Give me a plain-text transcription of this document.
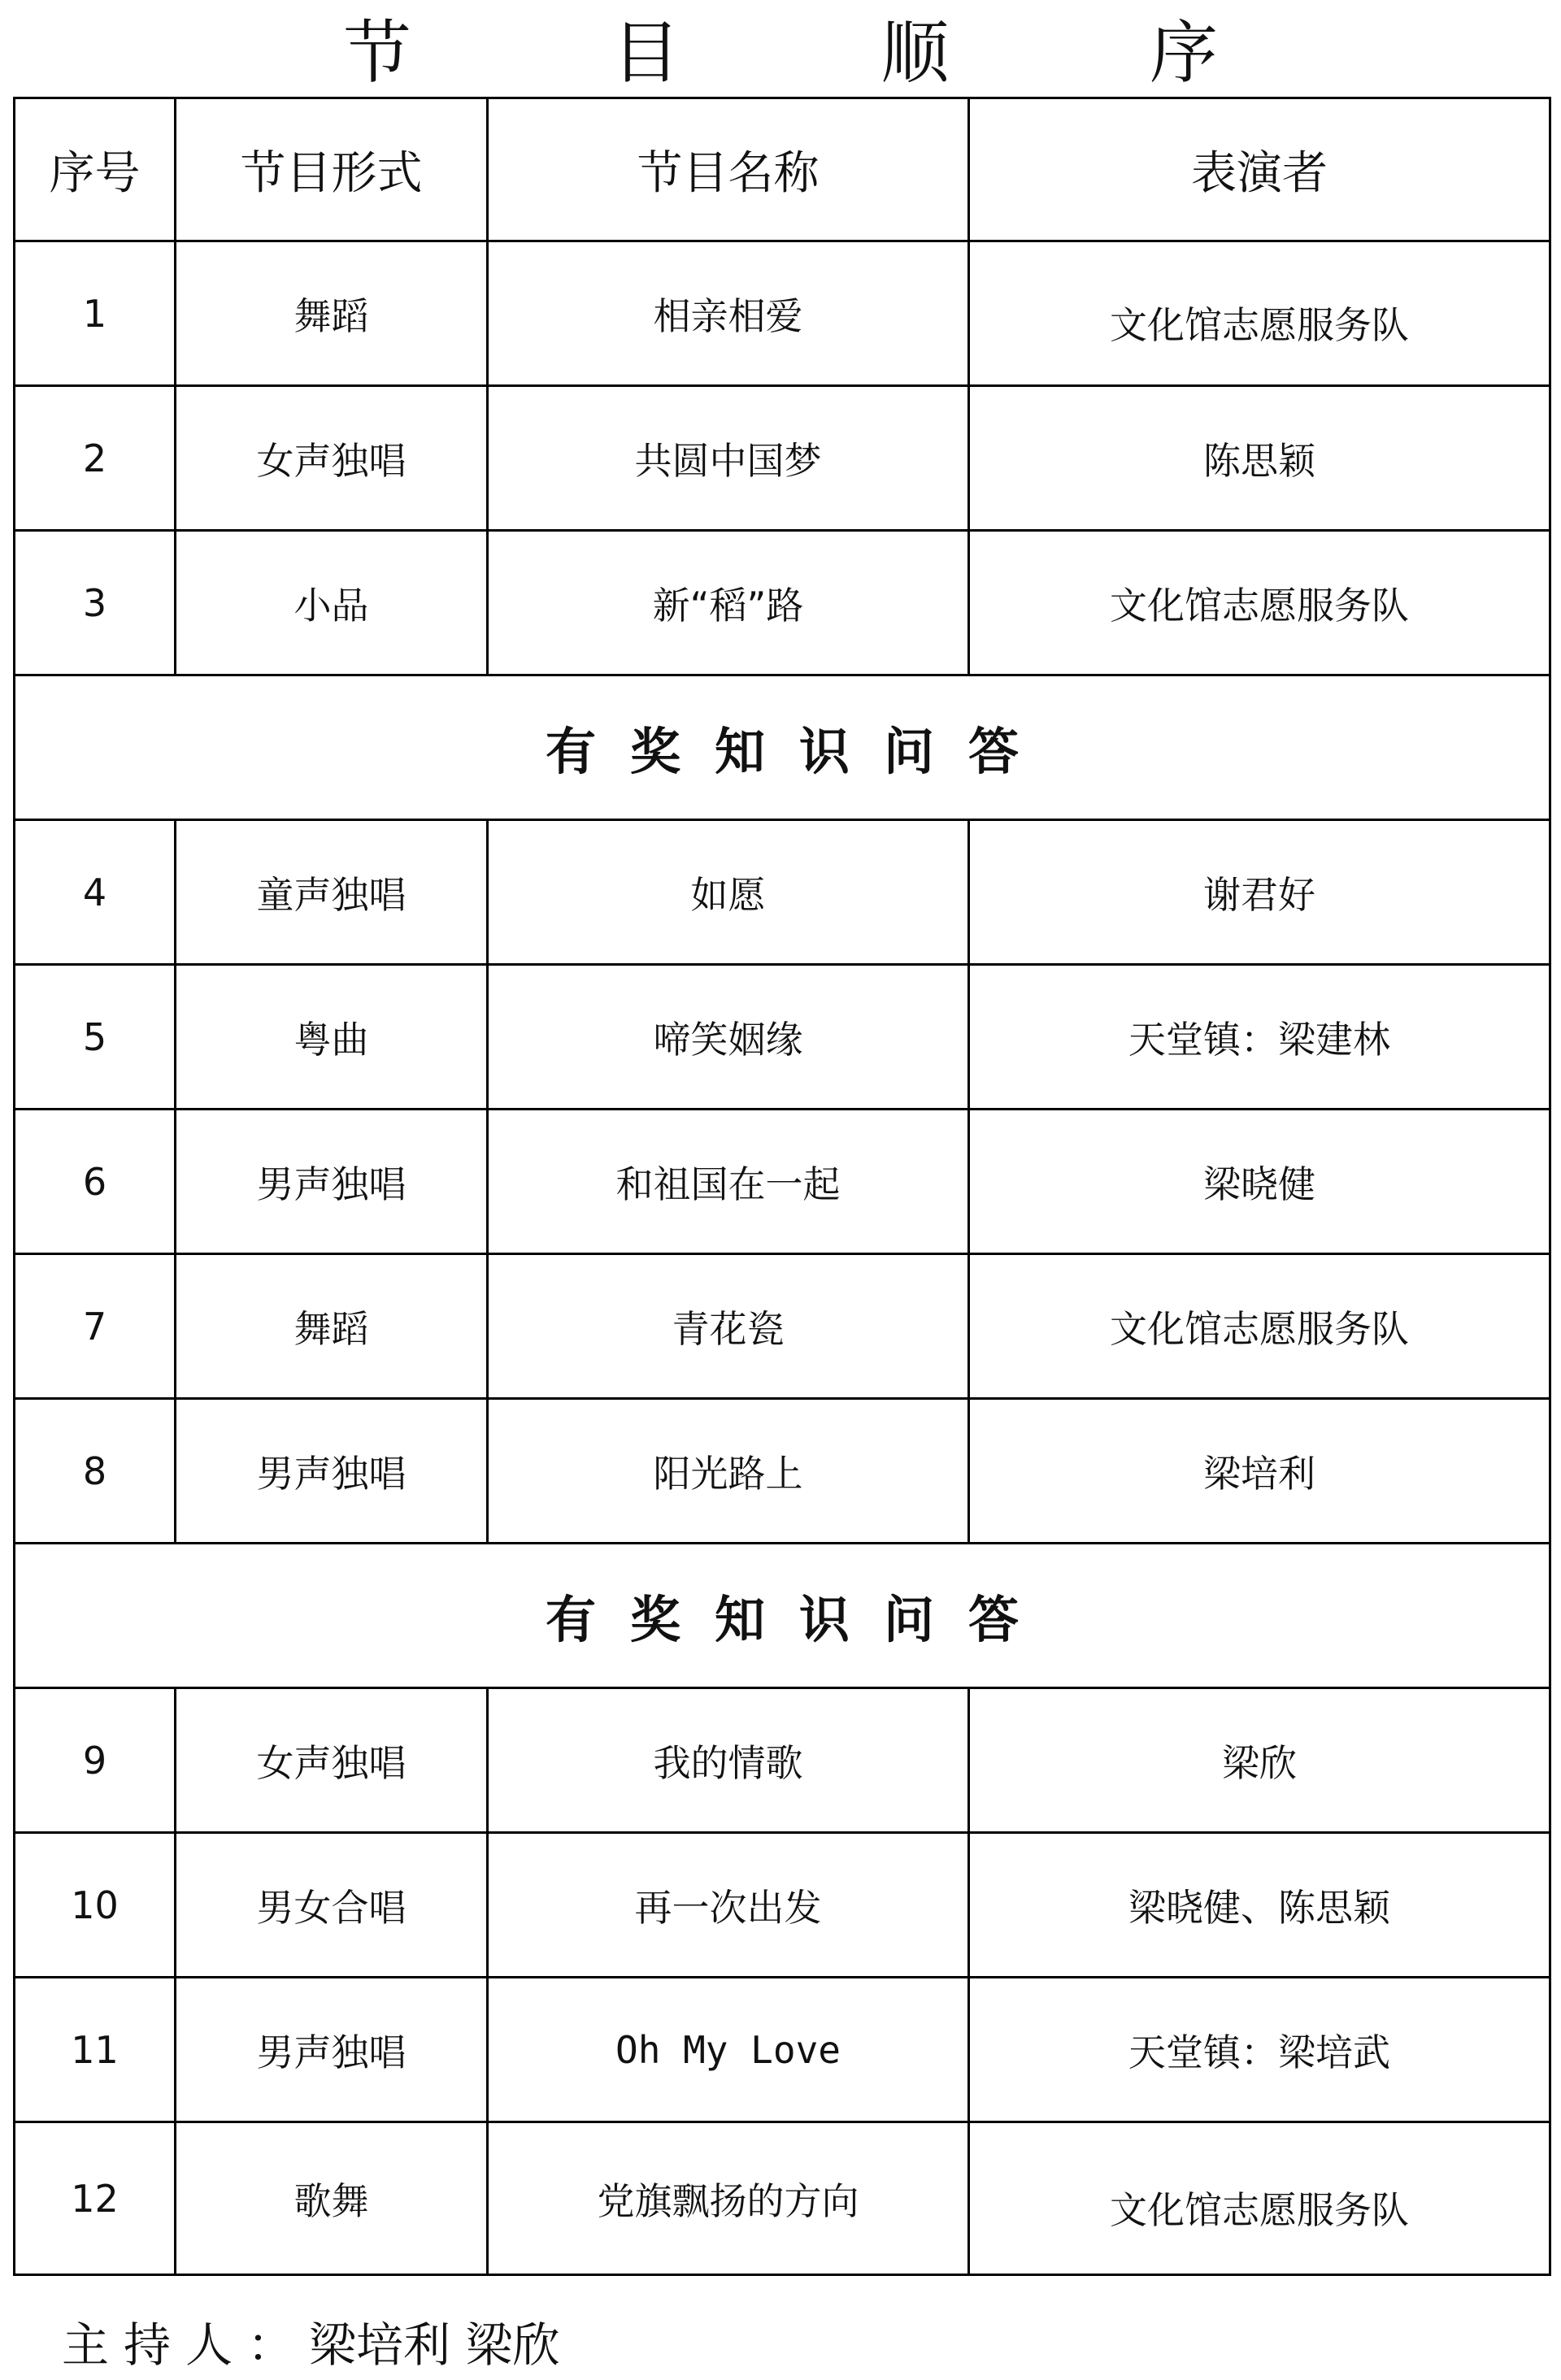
节 目 顺 序
序号	节目形式	节目名称	表演者
1	舞蹈	相亲相爱	文化馆志愿服务队
2	女声独唱	共圆中国梦	陈思颖
3	小品	新“稻”路	文化馆志愿服务队
有奖知识问答			
4	童声独唱	如愿	谢君好
5	粤曲	啼笑姻缘	天堂镇：梁建林
6	男声独唱	和祖国在一起	梁晓健
7	舞蹈	青花瓷	文化馆志愿服务队
8	男声独唱	阳光路上	梁培利
有奖知识问答			
9	女声独唱	我的情歌	梁欣
10	男女合唱	再一次出发	梁晓健、陈思颖
11	男声独唱	Oh My Love	天堂镇：梁培武
12	歌舞	党旗飘扬的方向	文化馆志愿服务队
主持人： 梁培利 梁欣
